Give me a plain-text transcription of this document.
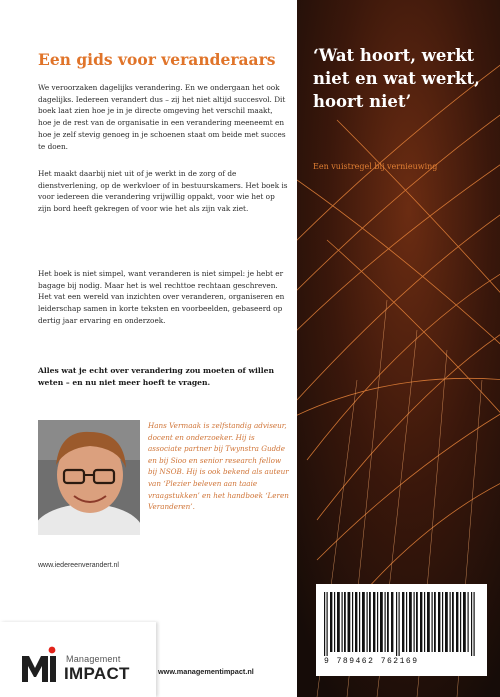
Een gids voor veranderaars

We veroorzaken dagelijks verandering. En we ondergaan het ook dagelijks. Iedereen verandert dus – zij het niet altijd succesvol. Dit boek laat zien hoe je in je directe omgeving het verschil maakt, hoe je de rest van de organisatie in een verandering meeneemt en hoe je zelf stevig genoeg in je schoenen staat om beide met succes te doen.

Het maakt daarbij niet uit of je werkt in de zorg of de dienstverlening, op de werkvloer of in bestuurskamers. Het boek is voor iedereen die verandering vrijwillig oppakt, voor wie het op zijn bord heeft gekregen of voor wie het als zijn vak ziet.

Het boek is niet simpel, want veranderen is niet simpel: je hebt er bagage bij nodig. Maar het is wel rechttoe rechtaan geschreven. Het vat een wereld van inzichten over veranderen, organiseren en leiderschap samen in korte teksten en voorbeelden, gebaseerd op dertig jaar ervaring en onderzoek.

Alles wat je echt over verandering zou moeten of willen weten – en nu niet meer hoeft te vragen.

Hans Vermaak is zelfstandig adviseur, docent en onderzoeker. Hij is associate partner bij Twynstra Gudde en bij Sioo en senior research fellow bij NSOB. Hij is ook bekend als auteur van ‘Plezier beleven aan taaie vraagstukken’ en het handboek ‘Leren Veranderen’.

www.iedereenverandert.nl

Management

IMPACT	www.managementimpact.nl

‘Wat hoort, werkt niet en wat werkt, hoort niet’

Een vuistregel bij vernieuwing

9 789462 762169
